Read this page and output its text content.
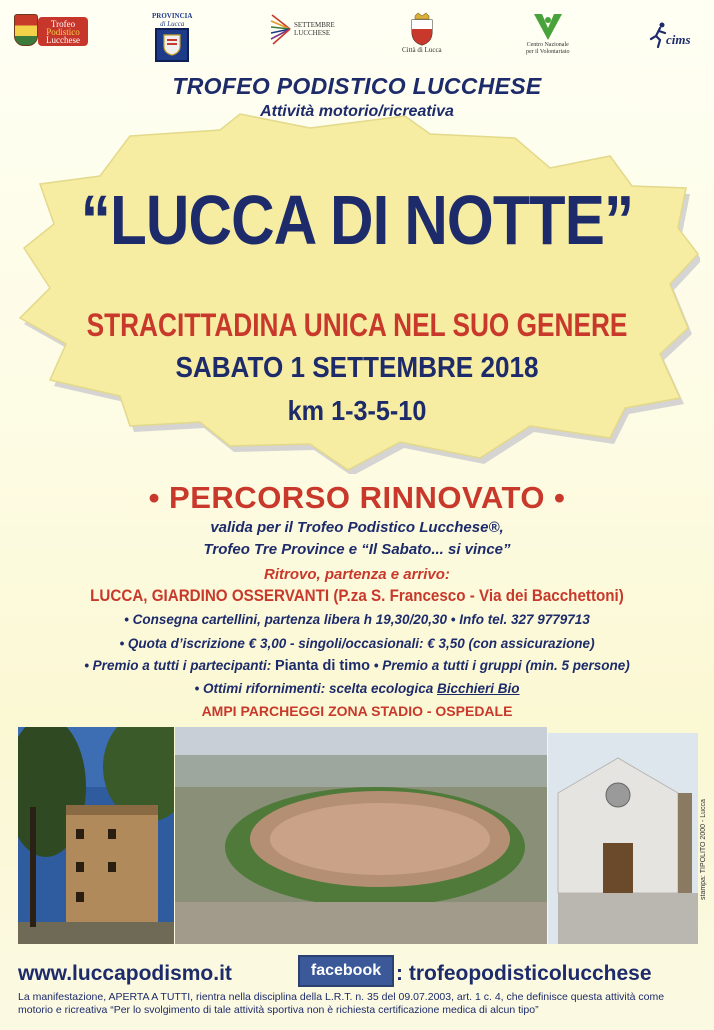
Trofeo
Podistico
Lucchese
PROVINCIA
di Lucca	SETTEMBRE
LUCCHESE
Città di Lucca
Centro Nazionale
per il Volontariato
cims
TROFEO PODISTICO LUCCHESE
Attività motorio/ricreativa
“LUCCA DI NOTTE”
STRACITTADINA UNICA NEL SUO GENERE
SABATO 1 SETTEMBRE 2018
km 1-3-5-10
• PERCORSO RINNOVATO •
valida per il Trofeo Podistico Lucchese®,
Trofeo Tre Province e “Il Sabato... si vince”
Ritrovo, partenza e arrivo:
LUCCA, GIARDINO OSSERVANTI (P.za S. Francesco - Via dei Bacchettoni)
• Consegna cartellini, partenza libera h 19,30/20,30 • Info tel. 327 9779713
• Quota d’iscrizione € 3,00 - singoli/occasionali: € 3,50 (con assicurazione)
• Premio a tutti i partecipanti: Pianta di timo • Premio a tutti i gruppi (min. 5 persone)
• Ottimi rifornimenti: scelta ecologica Bicchieri Bio
AMPI PARCHEGGI ZONA STADIO - OSPEDALE
stampa: TIPOLITO 2000 - Lucca
www.luccapodismo.it	facebook : trofeopodisticolucchese
La manifestazione, APERTA A TUTTI, rientra nella disciplina della L.R.T. n. 35 del 09.07.2003, art. 1 c. 4, che definisce questa attività come motorio e ricreativa “Per lo svolgimento di tale attività sportiva non è richiesta certificazione medica di alcun tipo”
